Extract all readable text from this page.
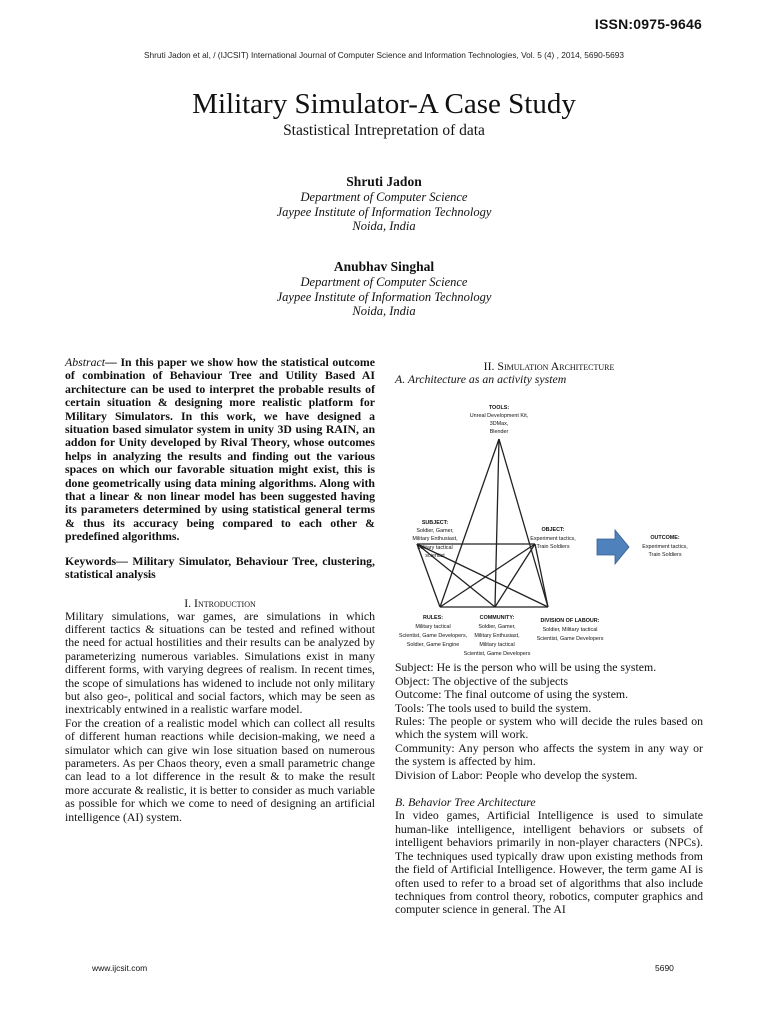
ISSN:0975-9646
Shruti Jadon et al, / (IJCSIT) International Journal of Computer Science and Information Technologies, Vol. 5 (4) , 2014, 5690-5693
Military Simulator-A Case Study
Stastistical Intrepretation of data
Shruti Jadon
Department of Computer Science
Jaypee Institute of Information Technology
Noida, India
Anubhav Singhal
Department of Computer Science
Jaypee Institute of Information Technology
Noida, India

Abstract— In this paper we show how the statistical outcome of combination of Behaviour Tree and Utility Based AI architecture can be used to interpret the probable results of certain situation & designing more realistic platform for Military Simulators. In this work, we have designed a situation based simulator system in unity 3D using RAIN, an addon for Unity developed by Rival Theory, whose outcomes helps in analyzing the results and finding out the various spaces on which our favorable situation might exist, this is done geometrically using data mining algorithms. Along with that a linear & non linear model has been suggested having its parameters determined by using statistical general terms & thus its accuracy being compared to each other & predefined algorithms.

Keywords— Military Simulator, Behaviour Tree, clustering, statistical analysis

I. Introduction

Military simulations, war games, are simulations in which different tactics & situations can be tested and refined without the need for actual hostilities and their results can be analyzed by parameterizing numerous variables. Simulations exist in many different forms, with varying degrees of realism. In recent times, the scope of simulations has widened to include not only military but also geo-, political and social factors, which may be seen as inextricably entwined in a realistic warfare model.

For the creation of a realistic model which can collect all results of different human reactions while decision-making, we need a simulator which can give win lose situation based on numerous parameters. As per Chaos theory, even a small parametric change can lead to a lot difference in the result & to make the result more accurate & realistic, it is better to consider as much variable as possible for which we come to need of designing an artificial intelligence (AI) system.

II. Simulation Architecture
A. Architecture as an activity system
TOOLS:
Unreal Development Kit,
3DMax,
Blender
SUBJECT:
Soldier, Gamer,
Military Enthusiast,
Military tactical
scientist
OBJECT:
Experiment tactics,
Train Soldiers
OUTCOME:
Experiment tactics,
Train Soldiers
RULES:
Military tactical
Scientist, Game Developers,
Soldier, Game Engine
COMMUNITY:
Soldier, Gamer,
Military Enthusiast,
Military tactical
Scientist, Game Developers
DIVISION OF LABOUR:
Soldier, Military tactical
Scientist, Game Developers

Subject: He is the person who will be using the system.

Object: The objective of the subjects

Outcome: The final outcome of using the system.

Tools: The tools used to build the system.

Rules: The people or system who will decide the rules based on which the system will work.

Community: Any person who affects the system in any way or the system is affected by him.

Division of Labor: People who develop the system.

B. Behavior Tree Architecture

In video games, Artificial Intelligence is used to simulate human-like intelligence, intelligent behaviors or subsets of intelligent behaviors primarily in non-player characters (NPCs). The techniques used typically draw upon existing methods from the field of Artificial Intelligence. However, the term game AI is often used to refer to a broad set of algorithms that also include techniques from control theory, robotics, computer graphics and computer science in general. The AI

www.ijcsit.com	5690
